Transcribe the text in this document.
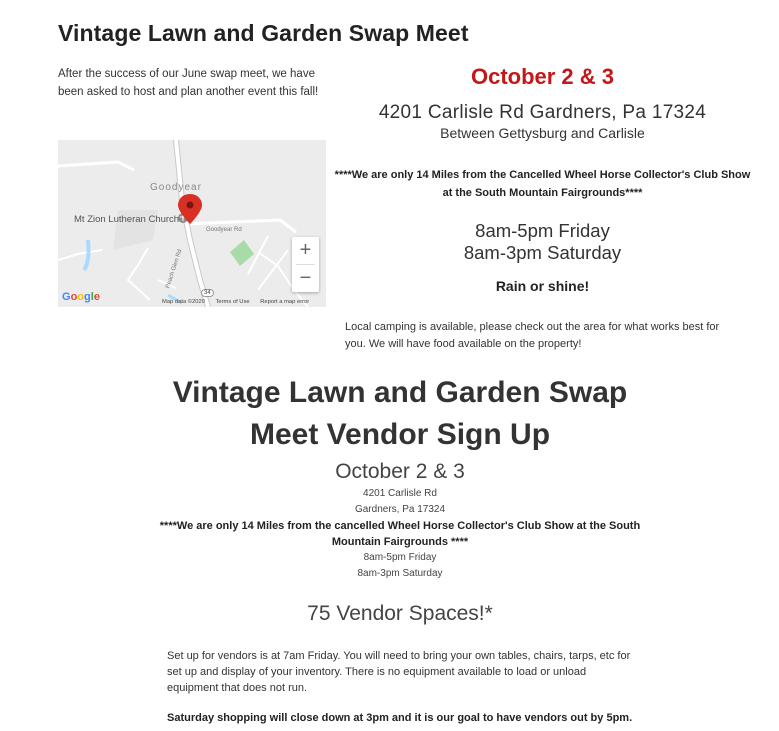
Vintage Lawn and Garden Swap Meet
After the success of our June swap meet, we have been asked to host and plan another event this fall!
Goodyear
Mt Zion Lutheran Church
Goodyear Rd
Peach Glen Rd
34
Google	Map data ©2020 Terms of Use Report a map error
+
−
October 2 & 3
4201 Carlisle Rd Gardners, Pa 17324
Between Gettysburg and Carlisle
****We are only 14 Miles from the Cancelled Wheel Horse Collector's Club Show at the South Mountain Fairgrounds****
8am-5pm Friday
8am-3pm Saturday
Rain or shine!
Local camping is available, please check out the area for what works best for you. We will have food available on the property!
Vintage Lawn and Garden Swap Meet Vendor Sign Up
October 2 & 3
4201 Carlisle Rd
Gardners, Pa 17324
****We are only 14 Miles from the cancelled Wheel Horse Collector's Club Show at the South Mountain Fairgrounds ****
8am-5pm Friday
8am-3pm Saturday
75 Vendor Spaces!*
Set up for vendors is at 7am Friday. You will need to bring your own tables, chairs, tarps, etc for set up and display of your inventory. There is no equipment available to load or unload equipment that does not run.
Saturday shopping will close down at 3pm and it is our goal to have vendors out by 5pm.
